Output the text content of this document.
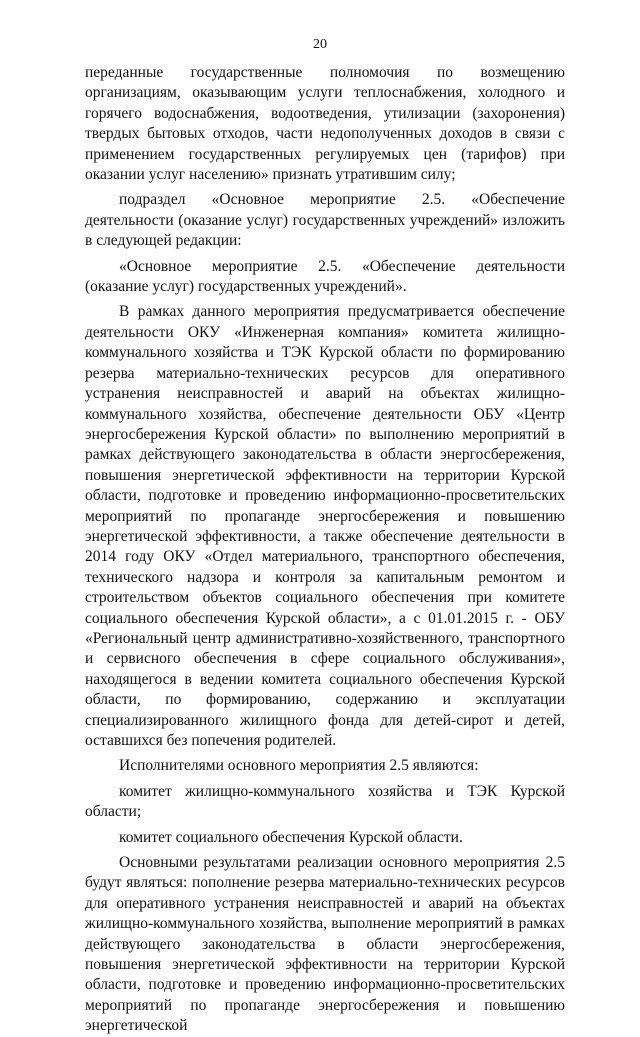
20

переданные государственные полномочия по возмещению организациям, оказывающим услуги теплоснабжения, холодного и горячего водоснабжения, водоотведения, утилизации (захоронения) твердых бытовых отходов, части недополученных доходов в связи с применением государственных регулируемых цен (тарифов) при оказании услуг населению» признать утратившим силу;

подраздел «Основное мероприятие 2.5. «Обеспечение деятельности (оказание услуг) государственных учреждений» изложить в следующей редакции:

«Основное мероприятие 2.5. «Обеспечение деятельности (оказание услуг) государственных учреждений».

В рамках данного мероприятия предусматривается обеспечение деятельности ОКУ «Инженерная компания» комитета жилищно-коммунального хозяйства и ТЭК Курской области по формированию резерва материально-технических ресурсов для оперативного устранения неисправностей и аварий на объектах жилищно-коммунального хозяйства, обеспечение деятельности ОБУ «Центр энергосбережения Курской области» по выполнению мероприятий в рамках действующего законодательства в области энергосбережения, повышения энергетической эффективности на территории Курской области, подготовке и проведению информационно-просветительских мероприятий по пропаганде энергосбережения и повышению энергетической эффективности, а также обеспечение деятельности в 2014 году ОКУ «Отдел материального, транспортного обеспечения, технического надзора и контроля за капитальным ремонтом и строительством объектов социального обеспечения при комитете социального обеспечения Курской области», а с 01.01.2015 г. - ОБУ «Региональный центр административно-хозяйственного, транспортного и сервисного обеспечения в сфере социального обслуживания», находящегося в ведении комитета социального обеспечения Курской области, по формированию, содержанию и эксплуатации специализированного жилищного фонда для детей-сирот и детей, оставшихся без попечения родителей.

Исполнителями основного мероприятия 2.5 являются:

комитет жилищно-коммунального хозяйства и ТЭК Курской области;

комитет социального обеспечения Курской области.

Основными результатами реализации основного мероприятия 2.5 будут являться: пополнение резерва материально-технических ресурсов для оперативного устранения неисправностей и аварий на объектах жилищно-коммунального хозяйства, выполнение мероприятий в рамках действующего законодательства в области энергосбережения, повышения энергетической эффективности на территории Курской области, подготовке и проведению информационно-просветительских мероприятий по пропаганде энергосбережения и повышению энергетической
